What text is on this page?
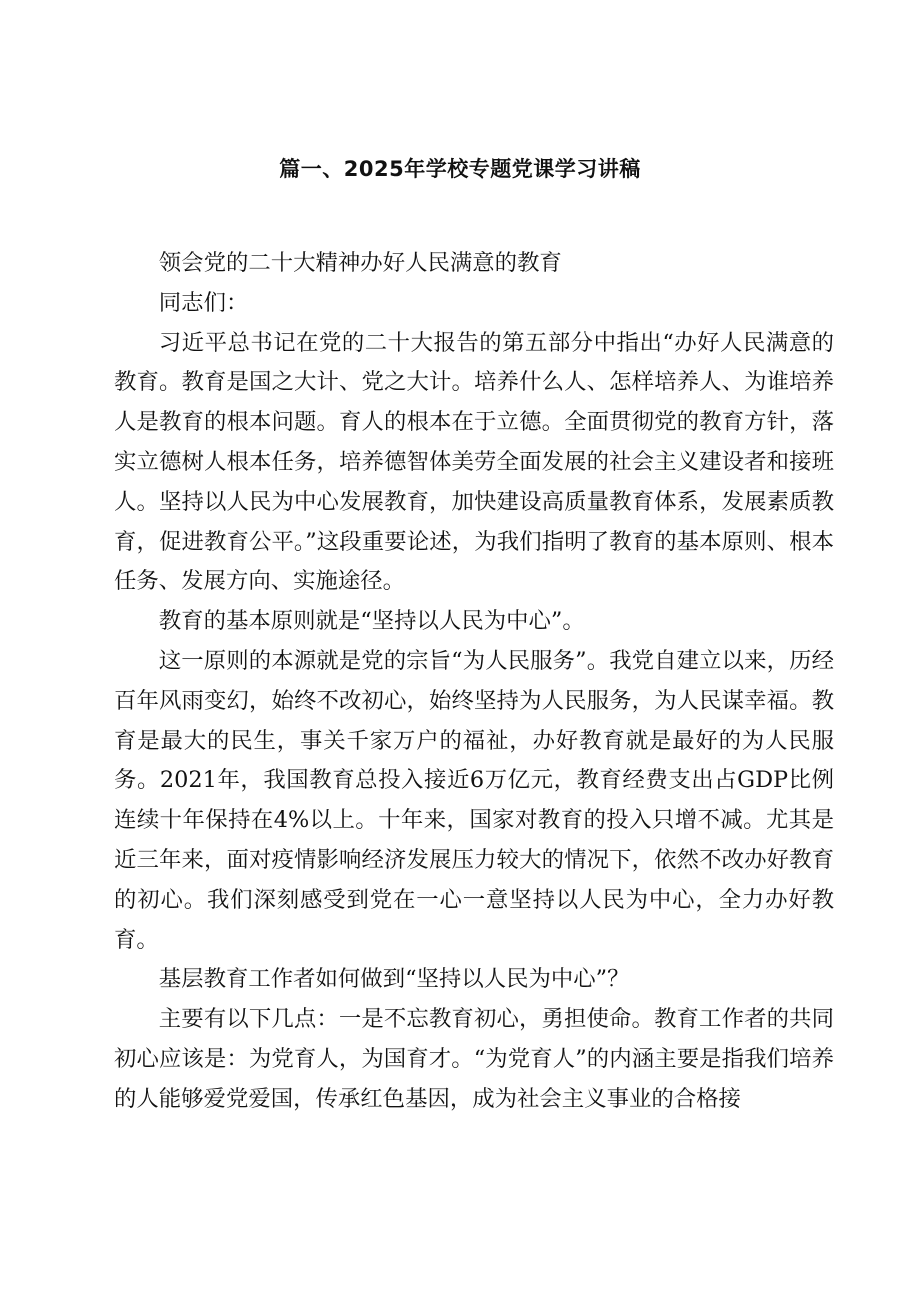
篇一、2025年学校专题党课学习讲稿

领会党的二十大精神办好人民满意的教育

同志们：

习近平总书记在党的二十大报告的第五部分中指出“办好人民满意的教育。教育是国之大计、党之大计。培养什么人、怎样培养人、为谁培养人是教育的根本问题。育人的根本在于立德。全面贯彻党的教育方针，落实立德树人根本任务，培养德智体美劳全面发展的社会主义建设者和接班人。坚持以人民为中心发展教育，加快建设高质量教育体系，发展素质教育，促进教育公平。”这段重要论述，为我们指明了教育的基本原则、根本任务、发展方向、实施途径。

教育的基本原则就是“坚持以人民为中心”。

这一原则的本源就是党的宗旨“为人民服务”。我党自建立以来，历经百年风雨变幻，始终不改初心，始终坚持为人民服务，为人民谋幸福。教育是最大的民生，事关千家万户的福祉，办好教育就是最好的为人民服务。2021年，我国教育总投入接近6万亿元，教育经费支出占GDP比例连续十年保持在4%以上。十年来，国家对教育的投入只增不减。尤其是近三年来，面对疫情影响经济发展压力较大的情况下，依然不改办好教育的初心。我们深刻感受到党在一心一意坚持以人民为中心，全力办好教育。

基层教育工作者如何做到“坚持以人民为中心”？

主要有以下几点：一是不忘教育初心，勇担使命。教育工作者的共同初心应该是：为党育人，为国育才。“为党育人”的内涵主要是指我们培养的人能够爱党爱国，传承红色基因，成为社会主义事业的合格接
